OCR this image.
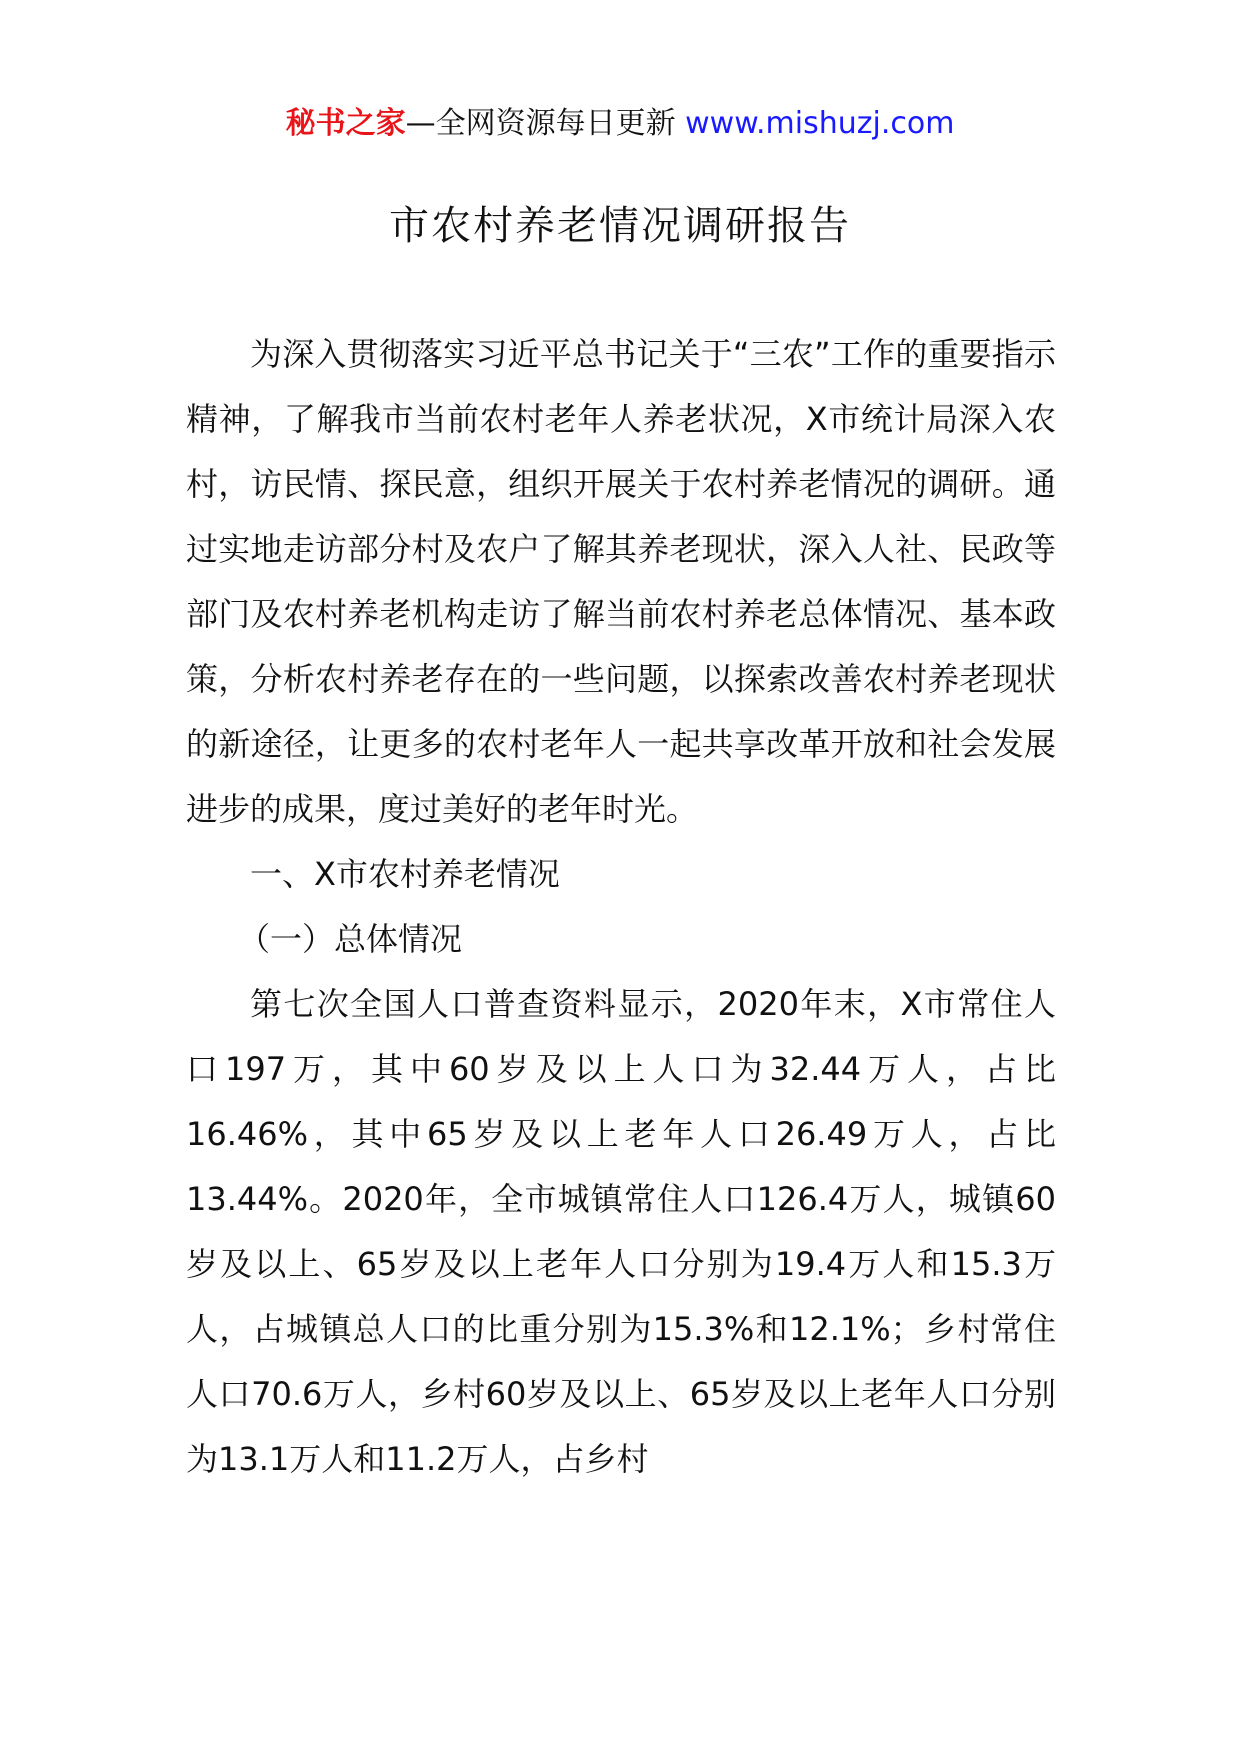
秘书之家—全网资源每日更新 www.mishuzj.com
市农村养老情况调研报告

为深入贯彻落实习近平总书记关于“三农”工作的重要指示精神，了解我市当前农村老年人养老状况，X市统计局深入农村，访民情、探民意，组织开展关于农村养老情况的调研。通过实地走访部分村及农户了解其养老现状，深入人社、民政等部门及农村养老机构走访了解当前农村养老总体情况、基本政策，分析农村养老存在的一些问题，以探索改善农村养老现状的新途径，让更多的农村老年人一起共享改革开放和社会发展进步的成果，度过美好的老年时光。

一、X市农村养老情况

（一）总体情况

第七次全国人口普查资料显示，2020年末，X市常住人口197万，其中60岁及以上人口为32.44万人，占比16.46%，其中65岁及以上老年人口26.49万人，占比13.44%。2020年，全市城镇常住人口126.4万人，城镇60岁及以上、65岁及以上老年人口分别为19.4万人和15.3万人，占城镇总人口的比重分别为15.3%和12.1%；乡村常住人口70.6万人，乡村60岁及以上、65岁及以上老年人口分别为13.1万人和11.2万人，占乡村
